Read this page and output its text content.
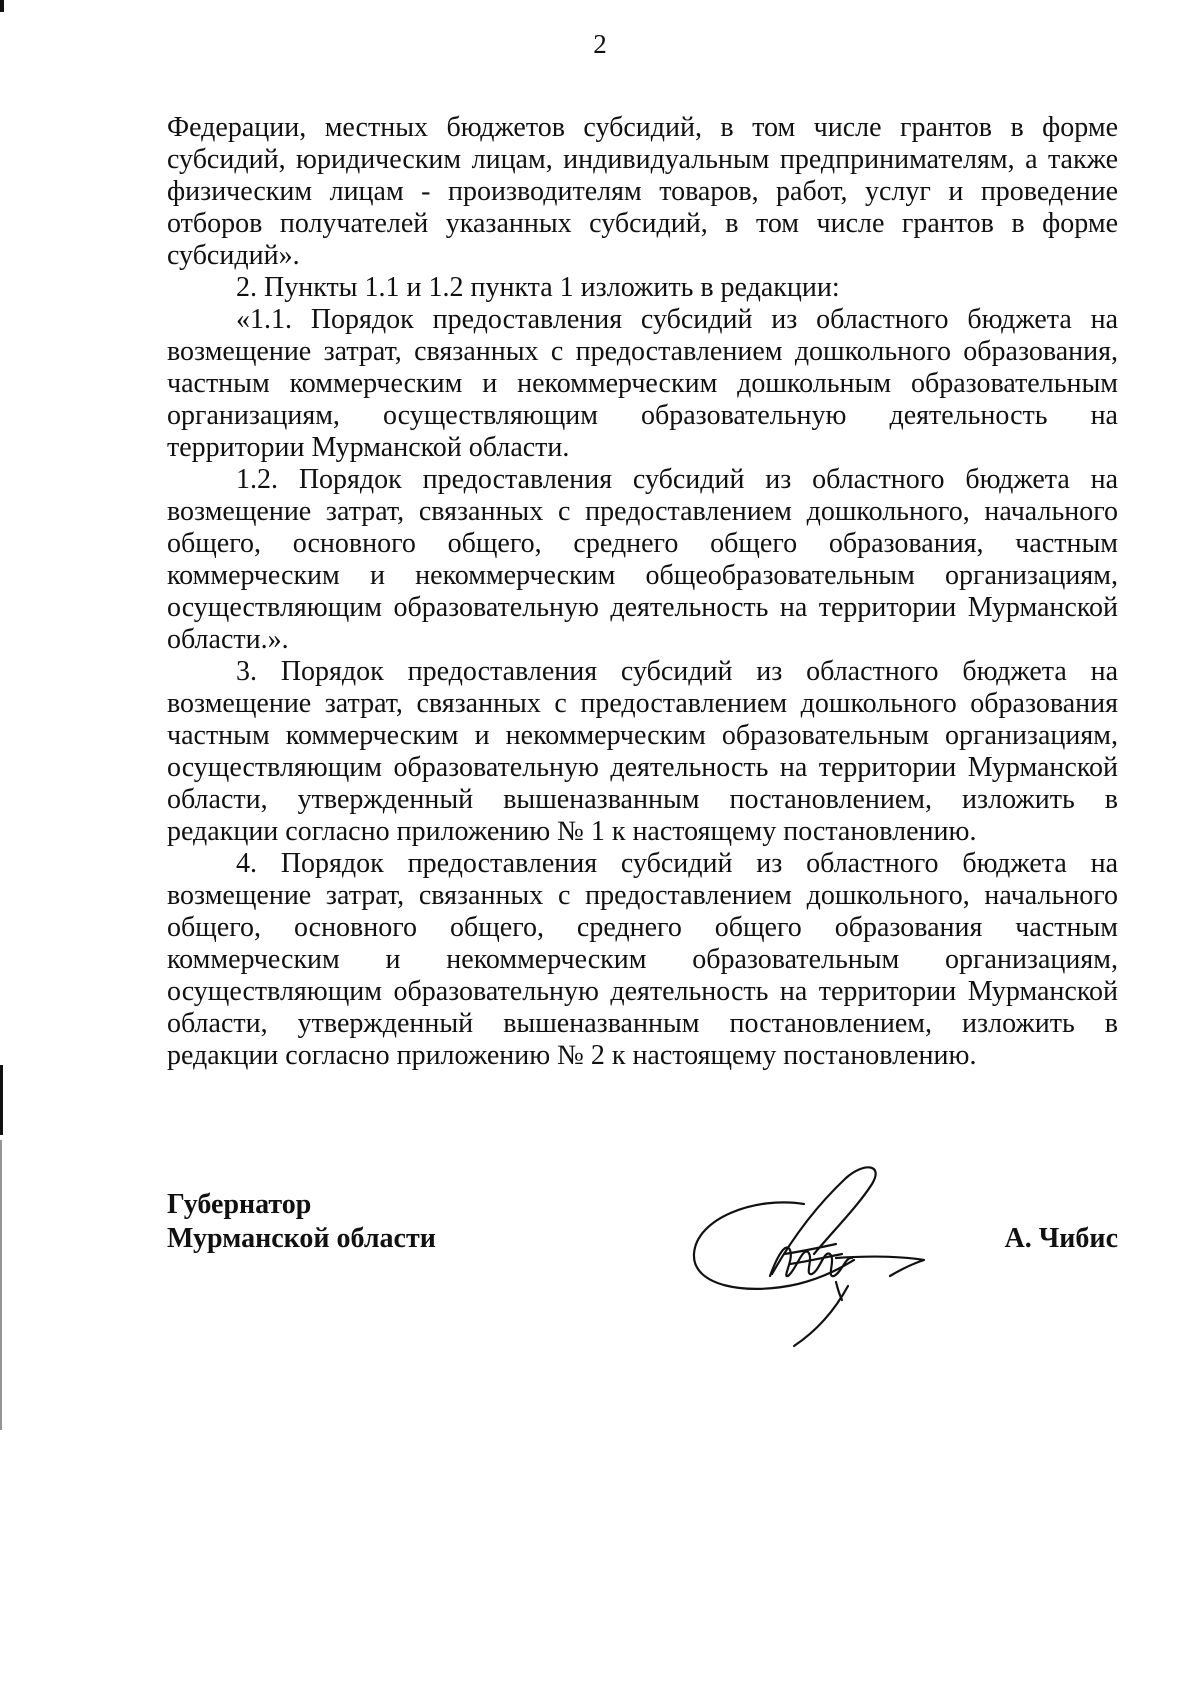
2

Федерации, местных бюджетов субсидий, в том числе грантов в форме субсидий, юридическим лицам, индивидуальным предпринимателям, а также физическим лицам - производителям товаров, работ, услуг и проведение отборов получателей указанных субсидий, в том числе грантов в форме субсидий».

2. Пункты 1.1 и 1.2 пункта 1 изложить в редакции:

«1.1. Порядок предоставления субсидий из областного бюджета на возмещение затрат, связанных с предоставлением дошкольного образования, частным коммерческим и некоммерческим дошкольным образовательным организациям, осуществляющим образовательную деятельность на территории Мурманской области.

1.2. Порядок предоставления субсидий из областного бюджета на возмещение затрат, связанных с предоставлением дошкольного, начального общего, основного общего, среднего общего образования, частным коммерческим и некоммерческим общеобразовательным организациям, осуществляющим образовательную деятельность на территории Мурманской области.».

3. Порядок предоставления субсидий из областного бюджета на возмещение затрат, связанных с предоставлением дошкольного образования частным коммерческим и некоммерческим образовательным организациям, осуществляющим образовательную деятельность на территории Мурманской области, утвержденный вышеназванным постановлением, изложить в редакции согласно приложению № 1 к настоящему постановлению.

4. Порядок предоставления субсидий из областного бюджета на возмещение затрат, связанных с предоставлением дошкольного, начального общего, основного общего, среднего общего образования частным коммерческим и некоммерческим образовательным организациям, осуществляющим образовательную деятельность на территории Мурманской области, утвержденный вышеназванным постановлением, изложить в редакции согласно приложению № 2 к настоящему постановлению.

Губернатор
Мурманской области	А. Чибис
